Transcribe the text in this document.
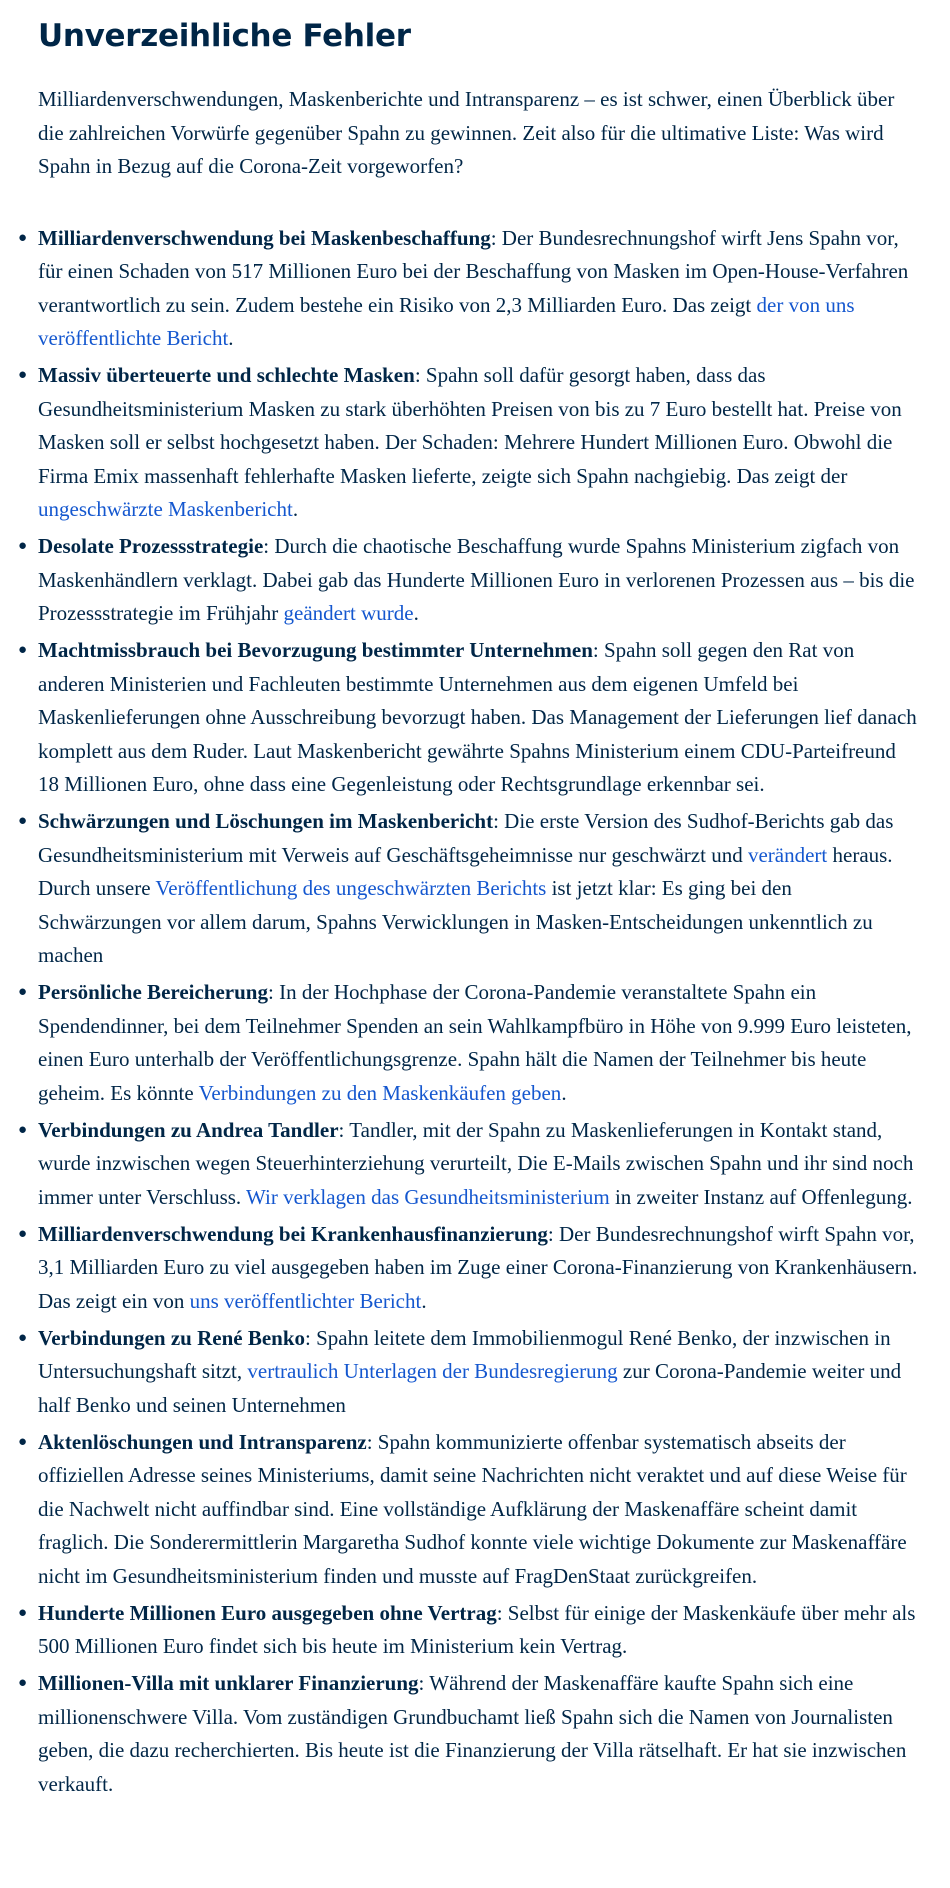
Unverzeihliche Fehler

Milliardenverschwendungen, Maskenberichte und Intransparenz – es ist schwer, einen Überblick über die zahlreichen Vorwürfe gegenüber Spahn zu gewinnen. Zeit also für die ultimative Liste: Was wird Spahn in Bezug auf die Corona-Zeit vorgeworfen?

● Milliardenverschwendung bei Maskenbeschaffung: Der Bundesrechnungshof wirft Jens Spahn vor, für einen Schaden von 517 Millionen Euro bei der Beschaffung von Masken im Open-House-Verfahren verantwortlich zu sein. Zudem bestehe ein Risiko von 2,3 Milliarden Euro. Das zeigt der von uns veröffentlichte Bericht.
● Massiv überteuerte und schlechte Masken: Spahn soll dafür gesorgt haben, dass das Gesundheitsministerium Masken zu stark überhöhten Preisen von bis zu 7 Euro bestellt hat. Preise von Masken soll er selbst hochgesetzt haben. Der Schaden: Mehrere Hundert Millionen Euro. Obwohl die Firma Emix massenhaft fehlerhafte Masken lieferte, zeigte sich Spahn nachgiebig. Das zeigt der ungeschwärzte Maskenbericht.
● Desolate Prozessstrategie: Durch die chaotische Beschaffung wurde Spahns Ministerium zigfach von Maskenhändlern verklagt. Dabei gab das Hunderte Millionen Euro in verlorenen Prozessen aus – bis die Prozessstrategie im Frühjahr geändert wurde.
● Machtmissbrauch bei Bevorzugung bestimmter Unternehmen: Spahn soll gegen den Rat von anderen Ministerien und Fachleuten bestimmte Unternehmen aus dem eigenen Umfeld bei Maskenlieferungen ohne Ausschreibung bevorzugt haben. Das Management der Lieferungen lief danach komplett aus dem Ruder. Laut Maskenbericht gewährte Spahns Ministerium einem CDU-Parteifreund 18 Millionen Euro, ohne dass eine Gegenleistung oder Rechtsgrundlage erkennbar sei.
● Schwärzungen und Löschungen im Maskenbericht: Die erste Version des Sudhof-Berichts gab das Gesundheitsministerium mit Verweis auf Geschäftsgeheimnisse nur geschwärzt und verändert heraus. Durch unsere Veröffentlichung des ungeschwärzten Berichts ist jetzt klar: Es ging bei den Schwärzungen vor allem darum, Spahns Verwicklungen in Masken-Entscheidungen unkenntlich zu machen
● Persönliche Bereicherung: In der Hochphase der Corona-Pandemie veranstaltete Spahn ein Spendendinner, bei dem Teilnehmer Spenden an sein Wahlkampfbüro in Höhe von 9.999 Euro leisteten, einen Euro unterhalb der Veröffentlichungsgrenze. Spahn hält die Namen der Teilnehmer bis heute geheim. Es könnte Verbindungen zu den Maskenkäufen geben.
● Verbindungen zu Andrea Tandler: Tandler, mit der Spahn zu Maskenlieferungen in Kontakt stand, wurde inzwischen wegen Steuerhinterziehung verurteilt, Die E-Mails zwischen Spahn und ihr sind noch immer unter Verschluss. Wir verklagen das Gesundheitsministerium in zweiter Instanz auf Offenlegung.
● Milliardenverschwendung bei Krankenhausfinanzierung: Der Bundesrechnungshof wirft Spahn vor, 3,1 Milliarden Euro zu viel ausgegeben haben im Zuge einer Corona-Finanzierung von Krankenhäusern. Das zeigt ein von uns veröffentlichter Bericht.
● Verbindungen zu René Benko: Spahn leitete dem Immobilienmogul René Benko, der inzwischen in Untersuchungshaft sitzt, vertraulich Unterlagen der Bundesregierung zur Corona-Pandemie weiter und half Benko und seinen Unternehmen
● Aktenlöschungen und Intransparenz: Spahn kommunizierte offenbar systematisch abseits der offiziellen Adresse seines Ministeriums, damit seine Nachrichten nicht veraktet und auf diese Weise für die Nachwelt nicht auffindbar sind. Eine vollständige Aufklärung der Maskenaffäre scheint damit fraglich. Die Sonderermittlerin Margaretha Sudhof konnte viele wichtige Dokumente zur Maskenaffäre nicht im Gesundheitsministerium finden und musste auf FragDenStaat zurückgreifen.
● Hunderte Millionen Euro ausgegeben ohne Vertrag: Selbst für einige der Maskenkäufe über mehr als 500 Millionen Euro findet sich bis heute im Ministerium kein Vertrag.
● Millionen-Villa mit unklarer Finanzierung: Während der Maskenaffäre kaufte Spahn sich eine millionenschwere Villa. Vom zuständigen Grundbuchamt ließ Spahn sich die Namen von Journalisten geben, die dazu recherchierten. Bis heute ist die Finanzierung der Villa rätselhaft. Er hat sie inzwischen verkauft.
